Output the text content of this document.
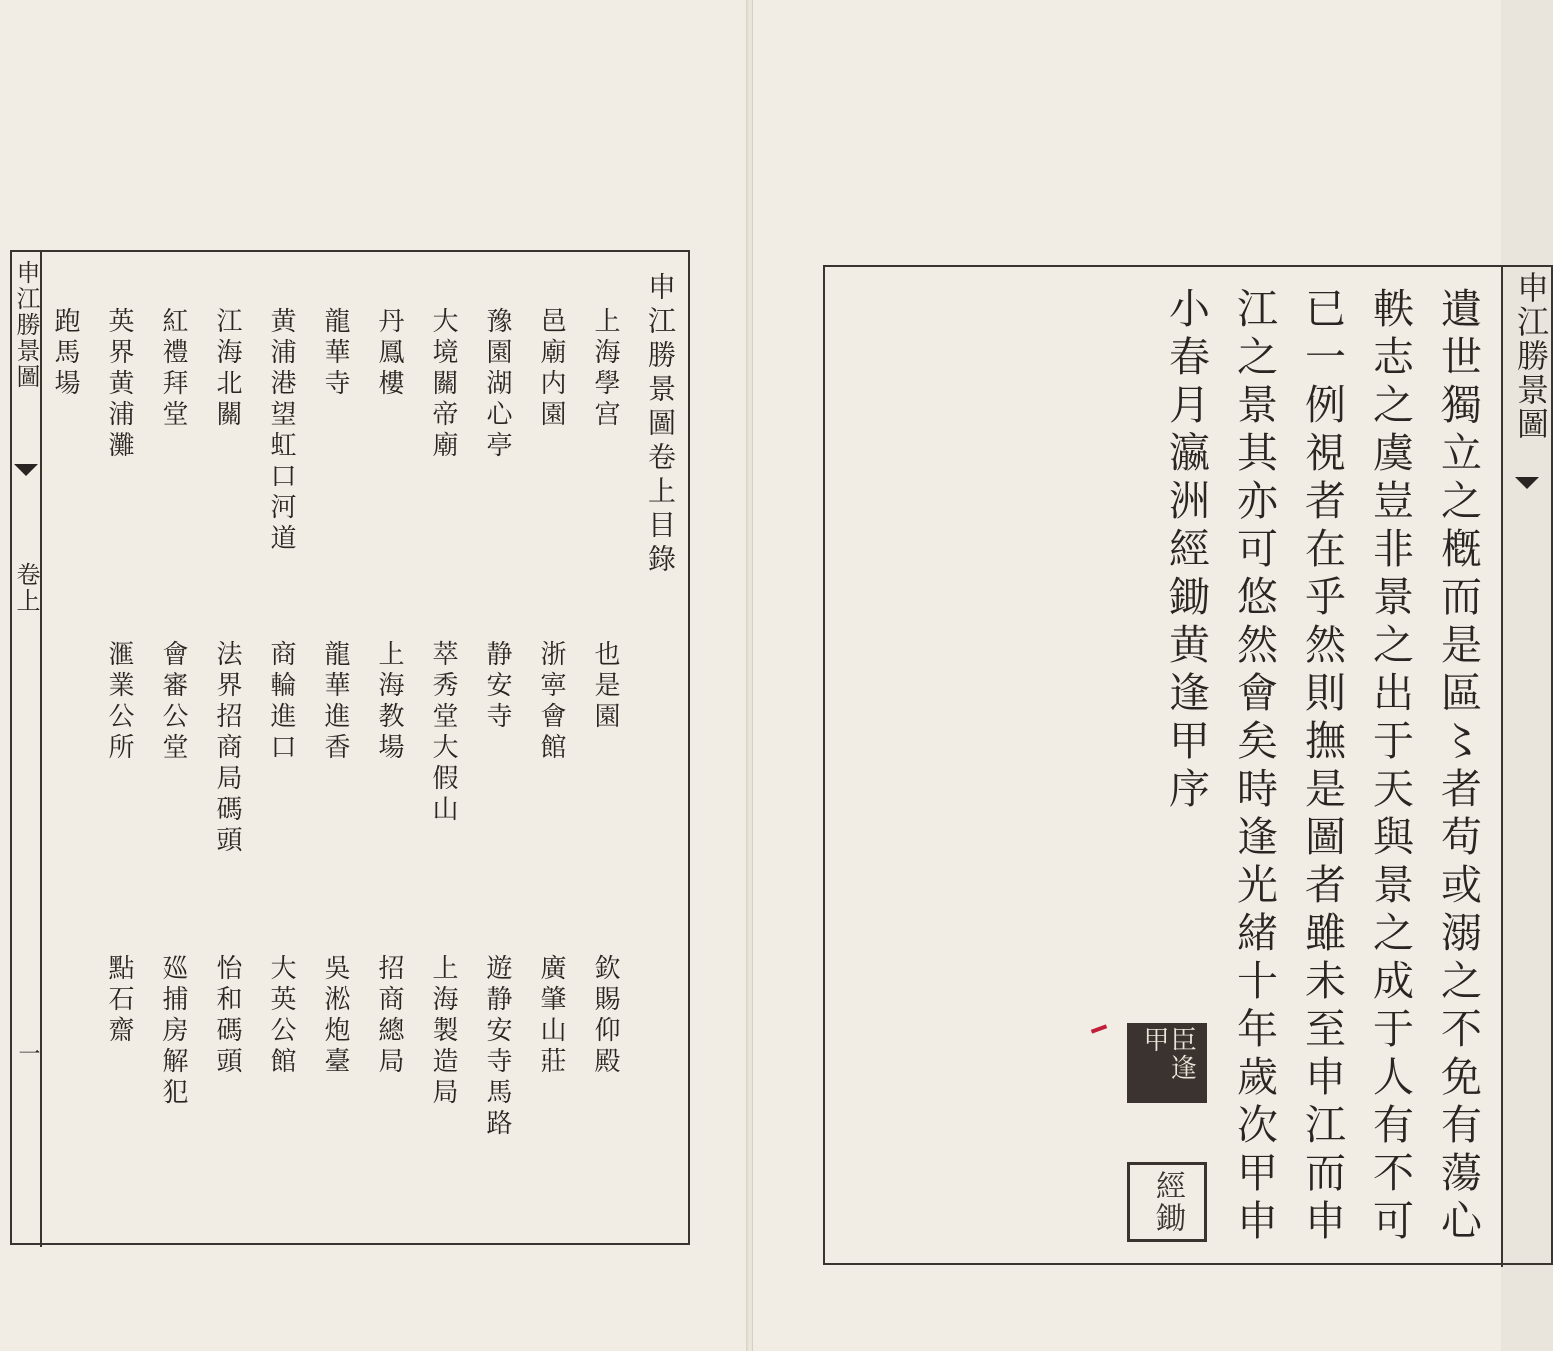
申江勝景圖
卷上
一
申江勝景圖卷上目錄
上海學宫
邑廟内園
豫園湖心亭
大境關帝廟
丹鳳樓
龍華寺
黄浦港望虹口河道
江海北關
紅禮拜堂
英界黄浦灘
跑馬場
也是園
浙寕會館
静安寺
萃秀堂大假山
上海教場
龍華進香
商輪進口
法界招商局碼頭
會審公堂
滙業公所
欽賜仰殿
廣肇山莊
遊静安寺馬路
上海製造局
招商總局
吳淞炮臺
大英公館
怡和碼頭
廵捕房解犯
點石齋
申江勝景圖
遺世獨立之槪而是區〻者苟或溺之不免有蕩心
軼志之虞豈非景之出于天與景之成于人有不可
已一例視者在乎然則撫是圖者雖未至申江而申
江之景其亦可悠然會矣時逢光緒十年歲次甲申
小春月瀛洲經鋤黄逢甲序
臣逢甲
經鋤
